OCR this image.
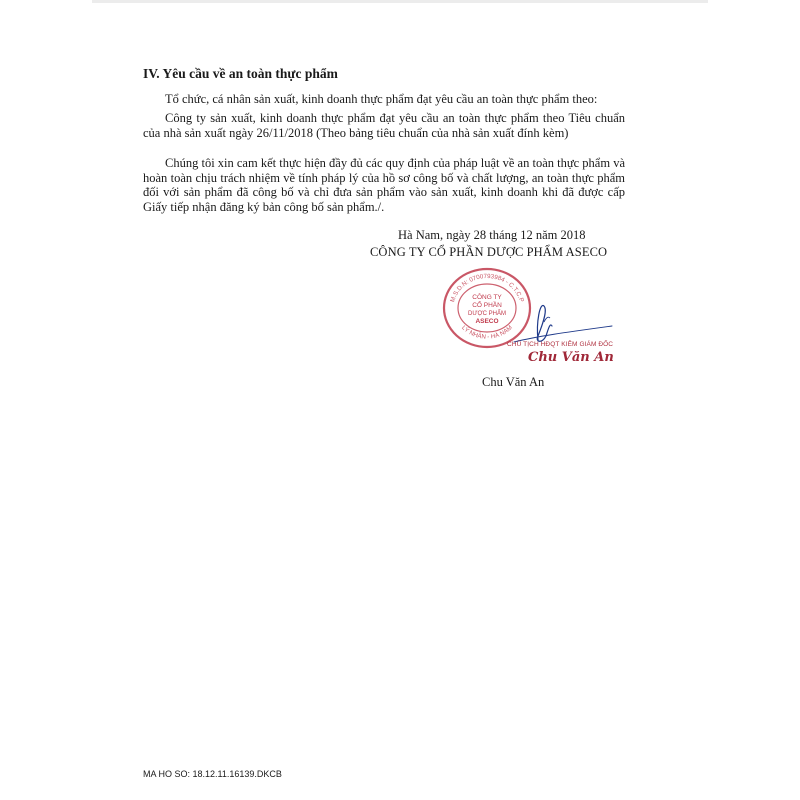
IV. Yêu cầu về an toàn thực phẩm

Tổ chức, cá nhân sản xuất, kinh doanh thực phẩm đạt yêu cầu an toàn thực phẩm theo:

Công ty sản xuất, kinh doanh thực phẩm đạt yêu cầu an toàn thực phẩm theo Tiêu chuẩn của nhà sản xuất ngày 26/11/2018 (Theo bảng tiêu chuẩn của nhà sản xuất đính kèm)

Chúng tôi xin cam kết thực hiện đầy đủ các quy định của pháp luật về an toàn thực phẩm và hoàn toàn chịu trách nhiệm về tính pháp lý của hồ sơ công bố và chất lượng, an toàn thực phẩm đối với sản phẩm đã công bố và chỉ đưa sản phẩm vào sản xuất, kinh doanh khi đã được cấp Giấy tiếp nhận đăng ký bản công bố sản phẩm./.

Hà Nam, ngày 28 tháng 12 năm 2018
CÔNG TY CỔ PHẦN DƯỢC PHẨM ASECO
M.S.D.N: 0700793984 - C.T.C.P
LÝ NHÂN - HÀ NAM
CÔNG TY
CỔ PHẦN
DƯỢC PHẨM
ASECO
CHỦ TỊCH HĐQT KIÊM GIÁM ĐỐC
Chu Văn An
Chu Văn An
MA HO SO: 18.12.11.16139.DKCB
